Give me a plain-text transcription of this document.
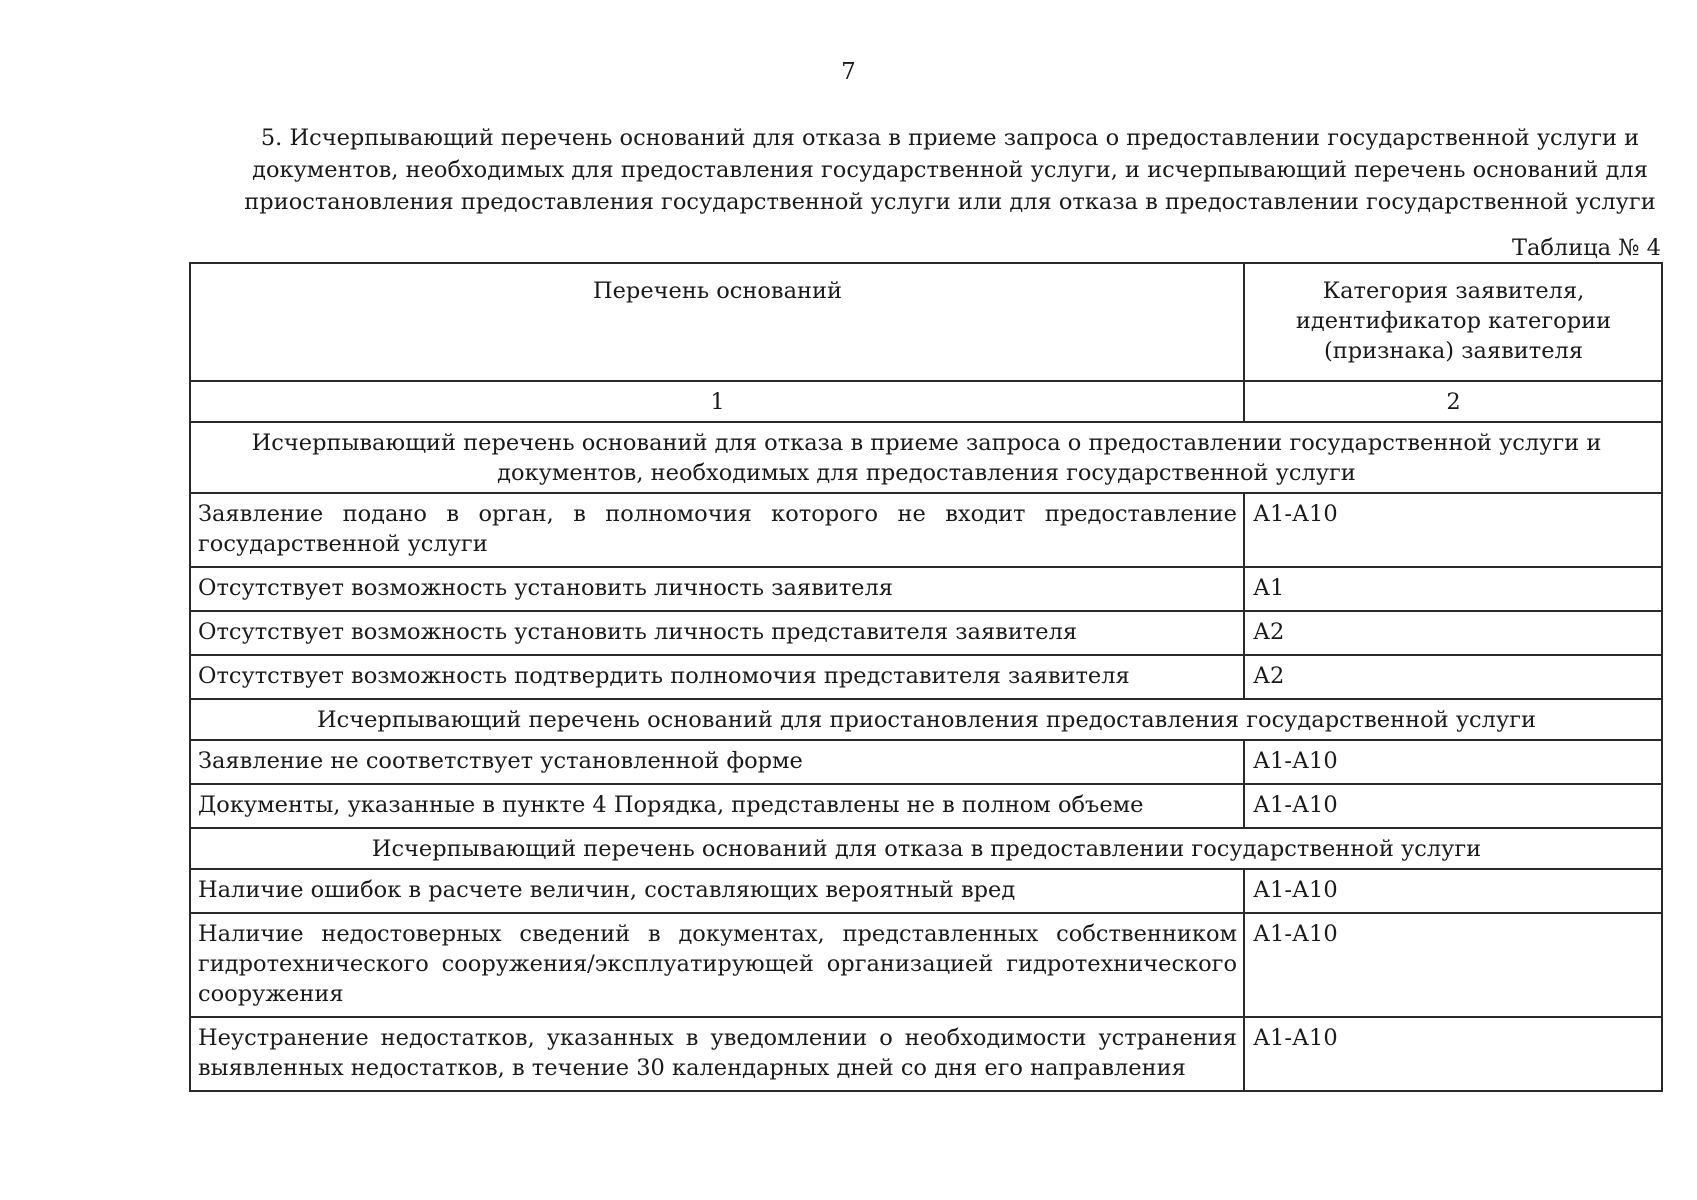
7
5. Исчерпывающий перечень оснований для отказа в приеме запроса о предоставлении государственной услуги и
документов, необходимых для предоставления государственной услуги, и исчерпывающий перечень оснований для
приостановления предоставления государственной услуги или для отказа в предоставлении государственной услуги
Таблица № 4
Перечень оснований	Категория заявителя,
идентификатор категории
(признака) заявителя

1	2

Исчерпывающий перечень оснований для отказа в приеме запроса о предоставлении государственной услуги и
документов, необходимых для предоставления государственной услуги	

Заявление подано в орган, в полномочия которого не входит предоставление
государственной услуги	А1-А10

Отсутствует возможность установить личность заявителя	А1

Отсутствует возможность установить личность представителя заявителя	А2

Отсутствует возможность подтвердить полномочия представителя заявителя	А2

Исчерпывающий перечень оснований для приостановления предоставления государственной услуги	

Заявление не соответствует установленной форме	А1-А10

Документы, указанные в пункте 4 Порядка, представлены не в полном объеме	А1-А10

Исчерпывающий перечень оснований для отказа в предоставлении государственной услуги	

Наличие ошибок в расчете величин, составляющих вероятный вред	А1-А10

Наличие недостоверных сведений в документах, представленных собственником
гидротехнического сооружения/эксплуатирующей организацией гидротехнического
сооружения	А1-А10

Неустранение недостатков, указанных в уведомлении о необходимости устранения
выявленных недостатков, в течение 30 календарных дней со дня его направления	А1-А10
